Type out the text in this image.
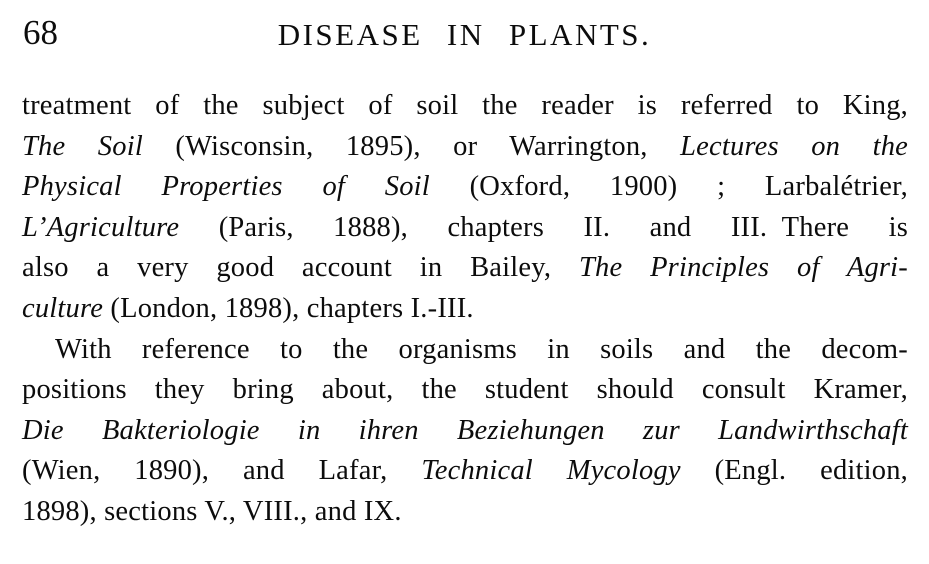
68	DISEASE IN PLANTS.
treatment of the subject of soil the reader is referred to King,
The Soil (Wisconsin, 1895), or Warrington, Lectures on the
Physical Properties of Soil (Oxford, 1900) ; Larbalétrier,
L’Agriculture (Paris, 1888), chapters II. and III. There is
also a very good account in Bailey, The Principles of Agri-
culture (London, 1898), chapters I.-III.
With reference to the organisms in soils and the decom-
positions they bring about, the student should consult Kramer,
Die Bakteriologie in ihren Beziehungen zur Landwirthschaft
(Wien, 1890), and Lafar, Technical Mycology (Engl. edition,
1898), sections V., VIII., and IX.
